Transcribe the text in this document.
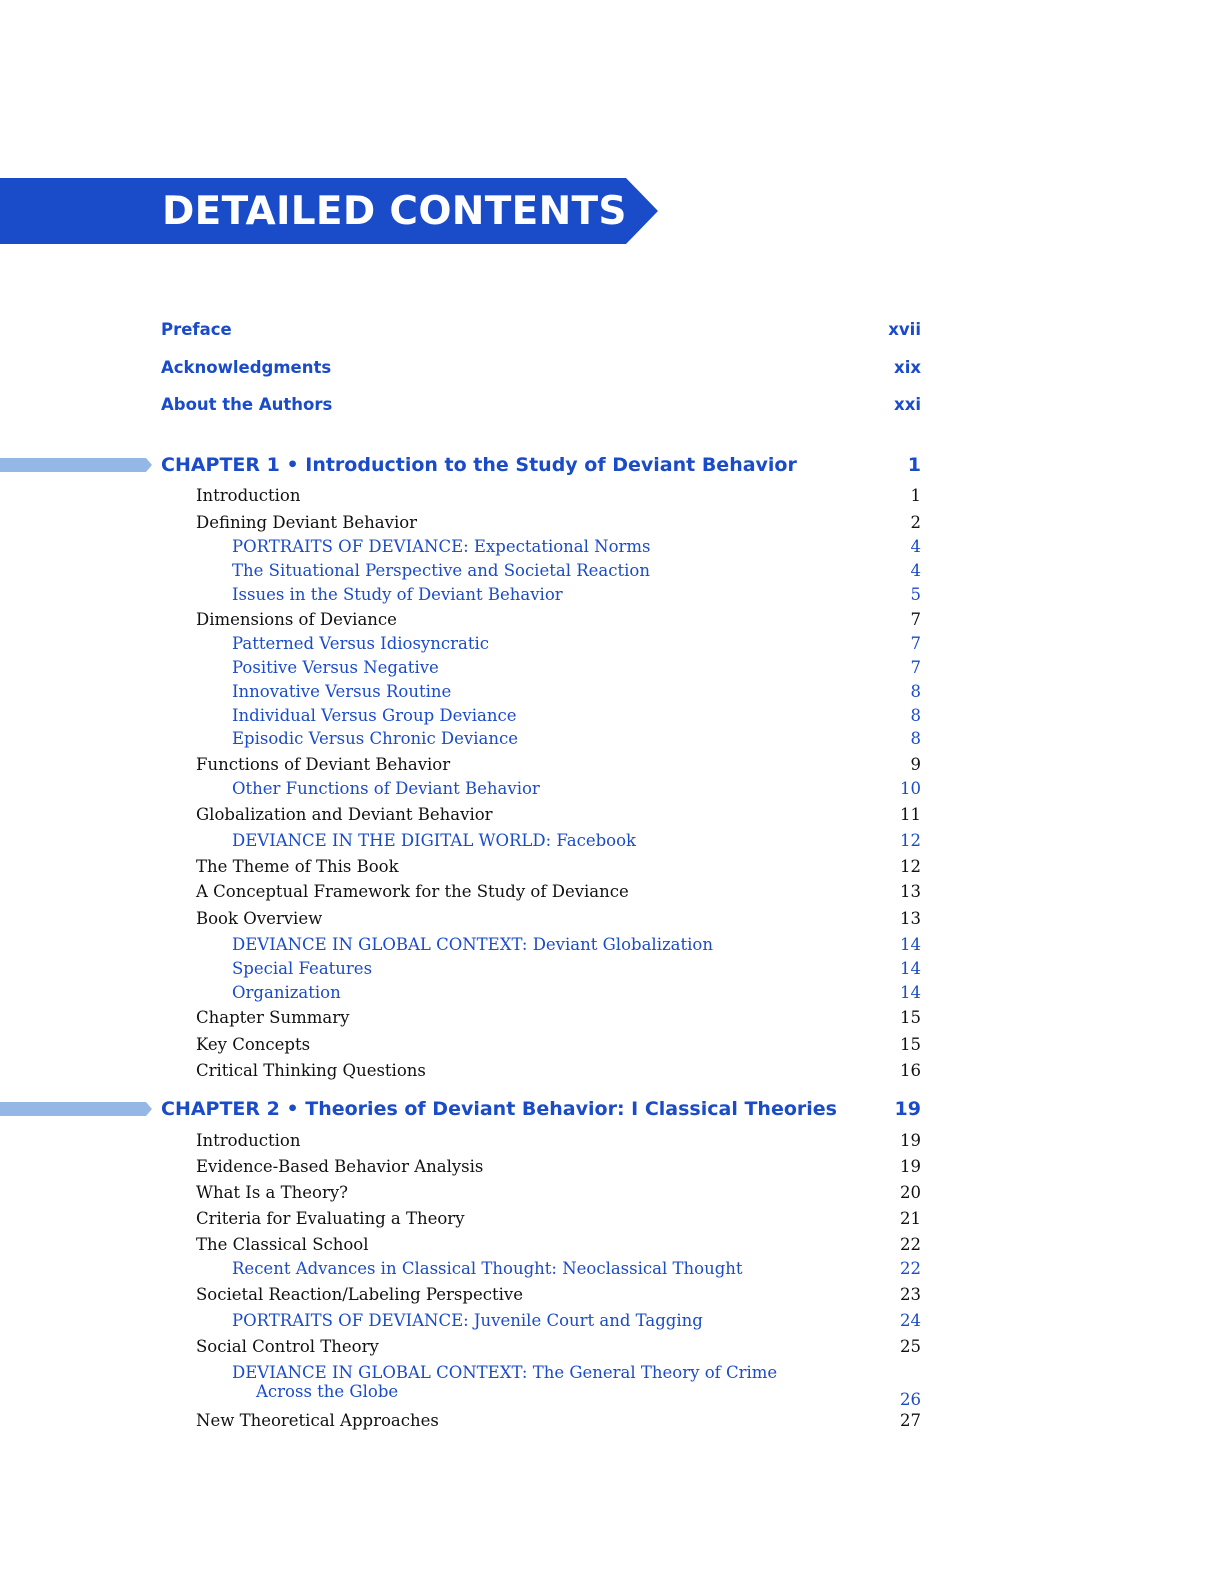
DETAILED CONTENTS
Preface	xvii
Acknowledgments	xix
About the Authors	xxi
CHAPTER 1 • Introduction to the Study of Deviant Behavior	1
Introduction	1
Defining Deviant Behavior	2
PORTRAITS OF DEVIANCE: Expectational Norms	4
The Situational Perspective and Societal Reaction	4
Issues in the Study of Deviant Behavior	5
Dimensions of Deviance	7
Patterned Versus Idiosyncratic	7
Positive Versus Negative	7
Innovative Versus Routine	8
Individual Versus Group Deviance	8
Episodic Versus Chronic Deviance	8
Functions of Deviant Behavior	9
Other Functions of Deviant Behavior	10
Globalization and Deviant Behavior	11
DEVIANCE IN THE DIGITAL WORLD: Facebook	12
The Theme of This Book	12
A Conceptual Framework for the Study of Deviance	13
Book Overview	13
DEVIANCE IN GLOBAL CONTEXT: Deviant Globalization	14
Special Features	14
Organization	14
Chapter Summary	15
Key Concepts	15
Critical Thinking Questions	16
CHAPTER 2 • Theories of Deviant Behavior: I Classical Theories	19
Introduction	19
Evidence-Based Behavior Analysis	19
What Is a Theory?	20
Criteria for Evaluating a Theory	21
The Classical School	22
Recent Advances in Classical Thought: Neoclassical Thought	22
Societal Reaction/Labeling Perspective	23
PORTRAITS OF DEVIANCE: Juvenile Court and Tagging	24
Social Control Theory	25
DEVIANCE IN GLOBAL CONTEXT: The General Theory of Crime
Across the Globe	26
New Theoretical Approaches	27
